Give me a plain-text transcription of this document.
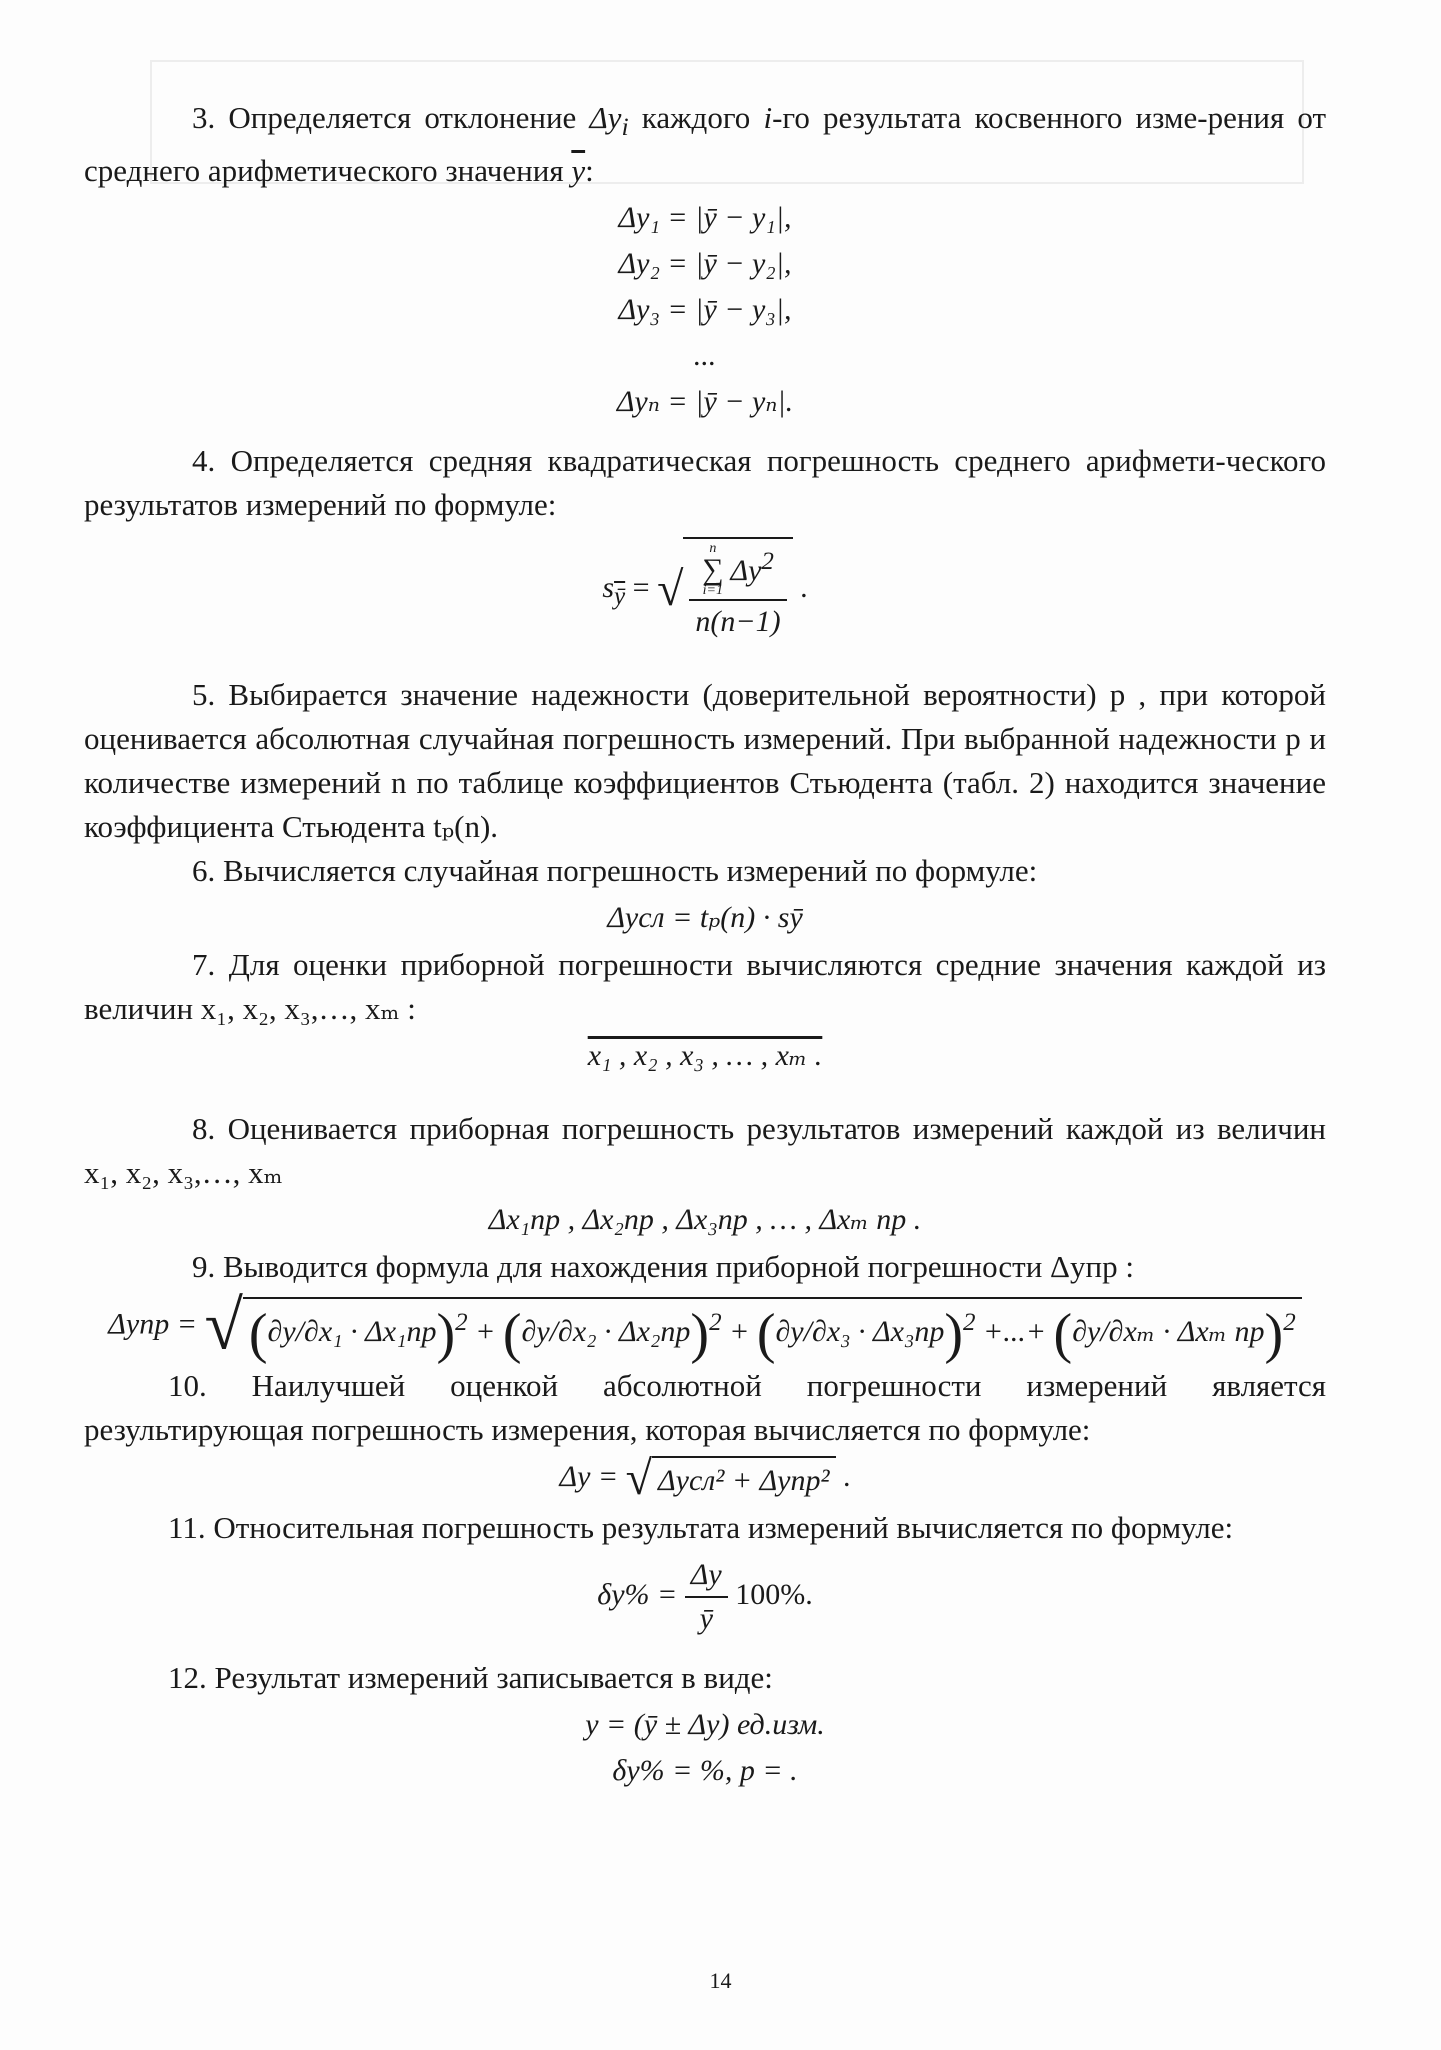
3. Определяется отклонение $\Delta y_i$ каждого i-го результата косвенного изме-рения от среднего арифметического значения $\overline{y}$:

Δy₁ = |ȳ − y₁|,
Δy₂ = |ȳ − y₂|,
Δy₃ = |ȳ − y₃|,
...
Δyₙ = |ȳ − yₙ|.

4. Определяется средняя квадратическая погрешность среднего арифмети-ческого результатов измерений по формуле:

$s_{\overline{ȳ}}$ = √
n
∑
i=1
$\Delta y^2$
n(n−1)
.

5. Выбирается значение надежности (доверительной вероятности) p , при которой оценивается абсолютная случайная погрешность измерений. При выбранной надежности p и количестве измерений n по таблице коэффициентов Стьюдента (табл. 2) находится значение коэффициента Стьюдента tₚ(n).

6. Вычисляется случайная погрешность измерений по формуле:

Δyсл = tₚ(n) · sȳ

7. Для оценки приборной погрешности вычисляются средние значения каждой из величин x₁, x₂, x₃,…, xₘ :

x₁ , x₂ , x₃ , … , xₘ .

8. Оценивается приборная погрешность результатов измерений каждой из величин x₁, x₂, x₃,…, xₘ

Δx₁пр , Δx₂пр , Δx₃пр , … , Δxₘ пр .

9. Выводится формула для нахождения приборной погрешности Δyпр :

Δyпр = √ $(\partial y/\partial x_1 \cdot \Delta x_1пр)^2 + (\partial y/\partial x_2 \cdot \Delta x_2пр)^2 + (\partial y/\partial x_3 \cdot \Delta x_3пр)^2$ +...+ (∂y/∂xₘ · Δxₘ пр)$^2$

10. Наилучшей оценкой абсолютной погрешности измерений является результирующая погрешность измерения, которая вычисляется по формуле:

Δy = √ Δyсл² + Δyпр² .

11. Относительная погрешность результата измерений вычисляется по формуле:

$\delta y\% = \frac{\Delta y}{ȳ} 100\%$.

12. Результат измерений записывается в виде:

y = (ȳ ± Δy) ед.изм.
δy% = %, p = .
14
